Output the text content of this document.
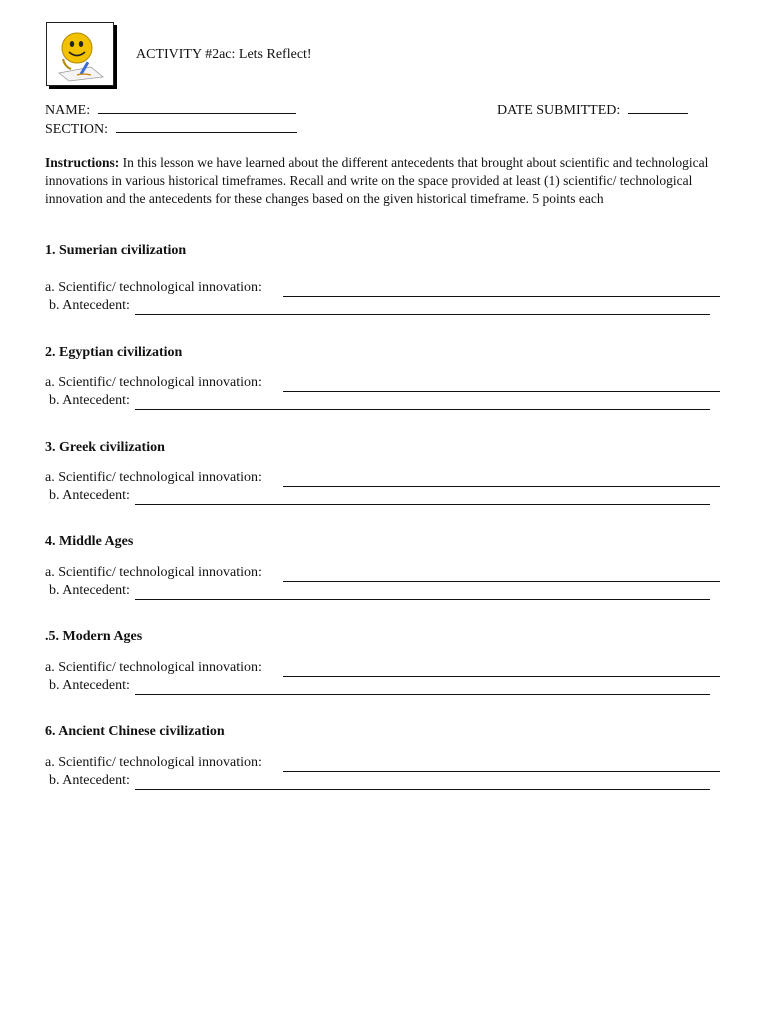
ACTIVITY #2ac: Lets Reflect!
NAME:	DATE SUBMITTED:
SECTION:
Instructions: In this lesson we have learned about the different antecedents that brought about scientific and technological innovations in various historical timeframes. Recall and write on the space provided at least (1) scientific/ technological innovation and the antecedents for these changes based on the given historical timeframe. 5 points each
1. Sumerian civilization
a. Scientific/ technological innovation:
b. Antecedent:
2. Egyptian civilization
a. Scientific/ technological innovation:
b. Antecedent:
3. Greek civilization
a. Scientific/ technological innovation:
b. Antecedent:
4. Middle Ages
a. Scientific/ technological innovation:
b. Antecedent:
.5. Modern Ages
a. Scientific/ technological innovation:
b. Antecedent:
6. Ancient Chinese civilization
a. Scientific/ technological innovation:
b. Antecedent:
